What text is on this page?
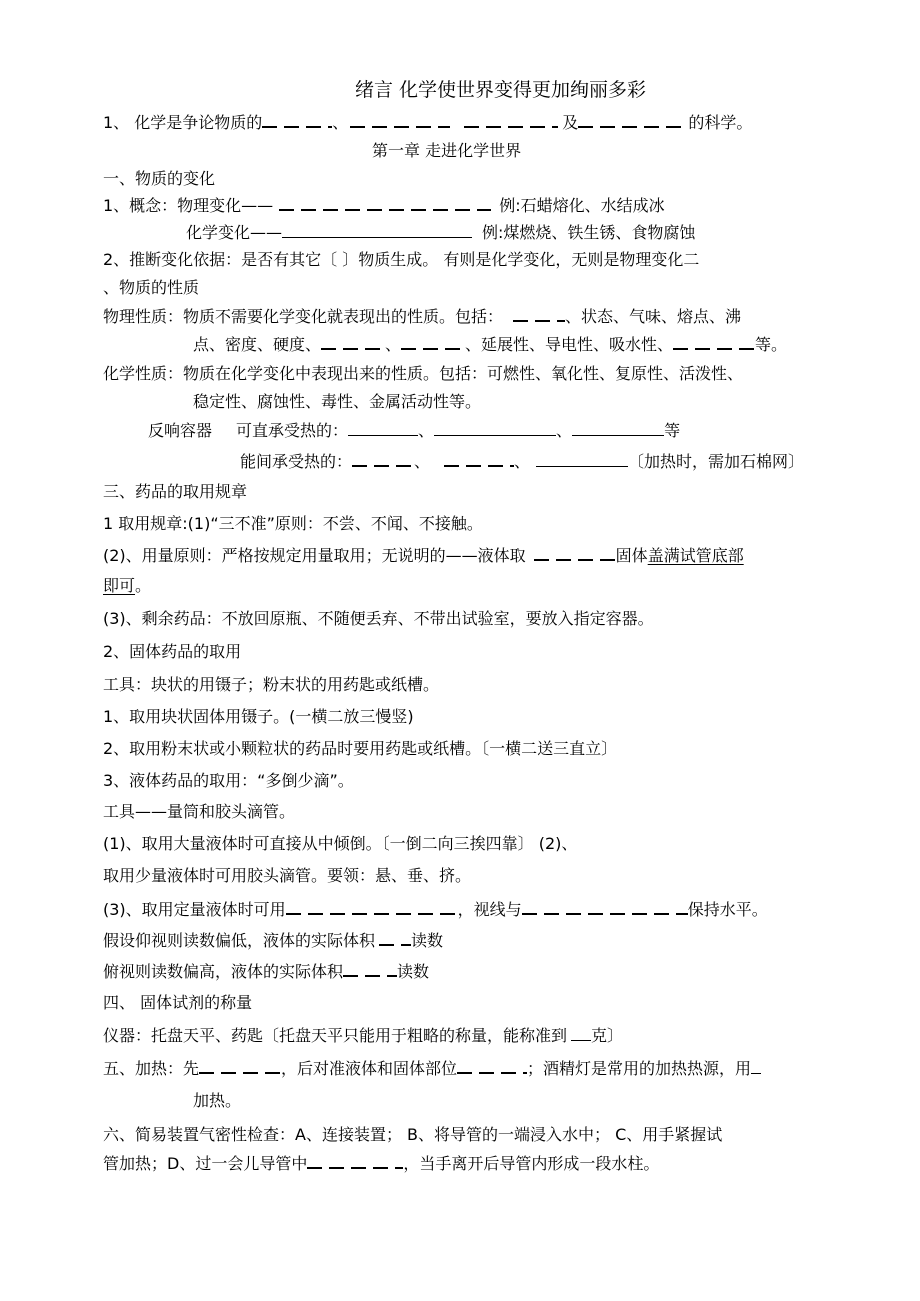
绪言 化学使世界变得更加绚丽多彩
1、 化学是争论物质的	、	及	的科学。
第一章 走进化学世界
一、物质的变化
1、概念：物理变化——	例:石蜡熔化、水结成冰
化学变化——	例:煤燃烧、铁生锈、食物腐蚀
2、推断变化依据：是否有其它〔 〕物质生成。 有则是化学变化，无则是物理变化二
、物质的性质
物理性质：物质不需要化学变化就表现出的性质。包括：	、状态、气味、熔点、沸
点、密度、硬度、	、	、延展性、导电性、吸水性、	等。
化学性质：物质在化学变化中表现出来的性质。包括：可燃性、氧化性、复原性、活泼性、
稳定性、腐蚀性、毒性、金属活动性等。
反响容器 可直承受热的：	、	、	等
能间承受热的：	、	、	〔加热时，需加石棉网〕
三、药品的取用规章
1 取用规章:(1)“三不准”原则：不尝、不闻、不接触。
(2)、用量原则：严格按规定用量取用；无说明的——液体取	固体盖满试管底部
即可。
(3)、剩余药品：不放回原瓶、不随便丢弃、不带出试验室，要放入指定容器。
2、固体药品的取用
工具：块状的用镊子；粉末状的用药匙或纸槽。
1、取用块状固体用镊子。(一横二放三慢竖)
2、取用粉末状或小颗粒状的药品时要用药匙或纸槽。〔一横二送三直立〕
3、液体药品的取用：“多倒少滴”。
工具——量筒和胶头滴管。
(1)、取用大量液体时可直接从中倾倒。〔一倒二向三挨四靠〕 (2)、
取用少量液体时可用胶头滴管。要领：悬、垂、挤。
(3)、取用定量液体时可用	，视线与	保持水平。
假设仰视则读数偏低，液体的实际体积 读数
俯视则读数偏高，液体的实际体积	读数
四、 固体试剂的称量
仪器：托盘天平、药匙〔托盘天平只能用于粗略的称量，能称准到 克〕
五、加热：先	，后对准液体和固体部位	；酒精灯是常用的加热热源，用
加热。
六、简易装置气密性检查：A、连接装置； B、将导管的一端浸入水中； C、用手紧握试
管加热；D、过一会儿导管中	，当手离开后导管内形成一段水柱。
